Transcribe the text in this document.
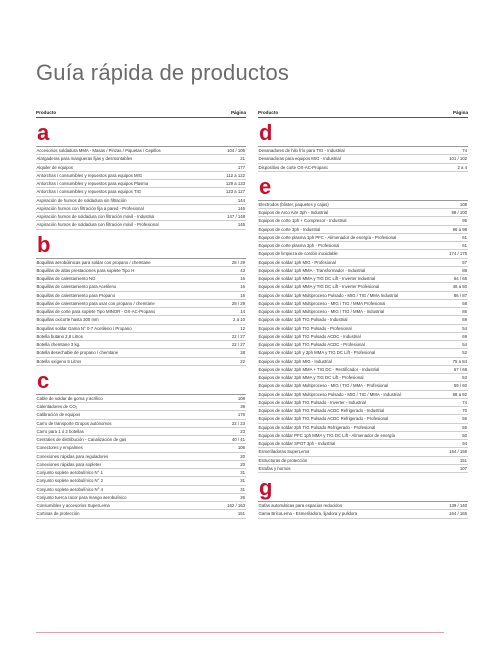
Guía rápida de productos
Producto	Página
a
Accesorios soldadura MMA - Masas / Pinzas / Piquetas / Cepillos	104 / 105
Alargaderas para mangueras fijas y desmontables	21
Alquiler de equipos	177
Antorchas / consumibles y repuestos para equipos MIG	112 a 122
Antorchas / consumibles y repuestos para equipos Plasma	129 a 133
Antorchas / consumibles y repuestos para equipos TIG	123 a 127
Aspiración de humos de soldadura sin filtración	144
Aspiración humos con filtración fija a pared - Profesional	146
Aspiración humos de soldadura con filtración móvil - Industrial	147 / 148
Aspiración humos de soldadura con filtración móvil - Profesional	145
b
Boquillas aerobúlinicas para soldar con propano / chemtane	28 / 29
Boquillas de altas prestaciones para soplete Tipo H	43
Boquillas de calentamiento NG	16
Boquillas de calentamiento para Acetileno	16
Boquillas de calentamiento para Propano	16
Boquillas de calentamiento para usar con propano / chemtane	28 / 29
Boquillas de corte para soplete Tipo MINOR - OX-AC-Propano	14
Boquillas oxicorte hasta 300 mm	2 a 10
Boquillas soldar Gama N° 0-7 Acetileno / Propano	12
Botella butano 2,8 Litros	22 / 27
Botella chemtane 3 kg.	22 / 27
Botella desechable de propano / chemtane	28
Botella oxígeno 5 Litros	22
c
Cable de soldar de goma y acrílico	108
Calentadores de CO₂	39
Calibración de equipos	176
Carro de transporte Grupos autónomos	22 / 23
Carro para 1 ó 2 botellas	23
Centrales de distribución - Canalización de gas	40 / 41
Conectores y empalmes	106
Conexiones rápidas para reguladores	20
Conexiones rápidas para sopletes	20
Conjunto soplete aerobulínico N° 1	31
Conjunto soplete aerobulínico N° 2	31
Conjunto soplete aerobulínico N° 4	31
Conjunto tuerca racor para mango aerobulínico	26
Consumibles y accesorios SuperLema	162 / 163
Cortinas de protección	151
Producto	Página
d
Devanadores de hilo frío para TIG - Industrial	74
Devanadoras para equipos MIG - Industrial	101 / 102
Dispositivo de corte OX-AC-Propano	2 a 4
e
Electrodos (blister, paquetes y cajas)	108
Equipos de Arco Aire 3ph - Industrial	98 / 100
Equipos de corte 1ph + Compresor - Industrial	95
Equipos de corte 3ph - Industrial	96 a 98
Equipos de corte plasma 1ph PFC - Alimenador de energía - Profesional	61
Equipos de corte plasma 3ph - Profesional	61
Equipos de limpieza de cordón inoxidable	174 / 175
Equipos de soldar 1ph MIG - Profesional	57
Equipos de soldar 1ph MMA - Transformador - Industrial	88
Equipos de soldar 1ph MMA y TIG DC Lift - Inverter Industrial	64 / 65
Equipos de soldar 1ph MMA y TIG DC Lift - Inverter Profesional	48 a 50
Equipos de soldar 1ph Multiproceso Pulsado - MIG / TIG / MMA Industrial	86 / 87
Equipos de soldar 1ph Multiproceso - MIG / TIG / MMA Profesional	58
Equipos de soldar 1ph Multiproceso - MIG / TIG / MMA - Industrial	85
Equipos de soldar 1ph TIG Pulsado - Industrial	69
Equipos de soldar 1ph TIG Pulsado - Profesional	54
Equipos de soldar 1ph TIG Pulsado ACDC - Industrial	69
Equipos de soldar 1ph TIG Pulsado ACDC - Profesional	54
Equipos de soldar 1ph y 3ph MMA y TIG DC Lift - Profesional	52
Equipos de soldar 3ph MIG - Industrial	75 a 84
Equipos de soldar 3ph MMA + TIG DC - Rectificador - Industrial	67 / 68
Equipos de soldar 3ph MMA y TIG DC Lift - Profesional	53
Equipos de soldar 3ph Multiproceso - MIG / TIG / MMA - Profesional	59 / 60
Equipos de soldar 3ph Multiproceso Pulsado - MIG / TIG / MMA - Industrial	88 a 92
Equipos de soldar 3ph TIG Pulsado - Inverter - Industrial	74
Equipos de soldar 3ph TIG Pulsado ACDC Refrigerado - Industrial	70
Equipos de soldar 3ph TIG Pulsado ACDC Refrigerado - Profesional	56
Equipos de soldar 3ph TIG Pulsado Refrigerado - Profesional	55
Equipos de soldar PFC 1ph MMA y TIG DC Lift - Alimenador de energía	50
Equipos de soldar SPOT 3ph - Industrial	94
Esmeriladoras SuperLema	154 / 158
Estructuras de protección	151
Estufas y hornos	107
g
Gafas automáticas para espacios reducidos	139 / 140
Gama BricoLema - Esmeriladora, lijadora y pulidora	164 / 165
